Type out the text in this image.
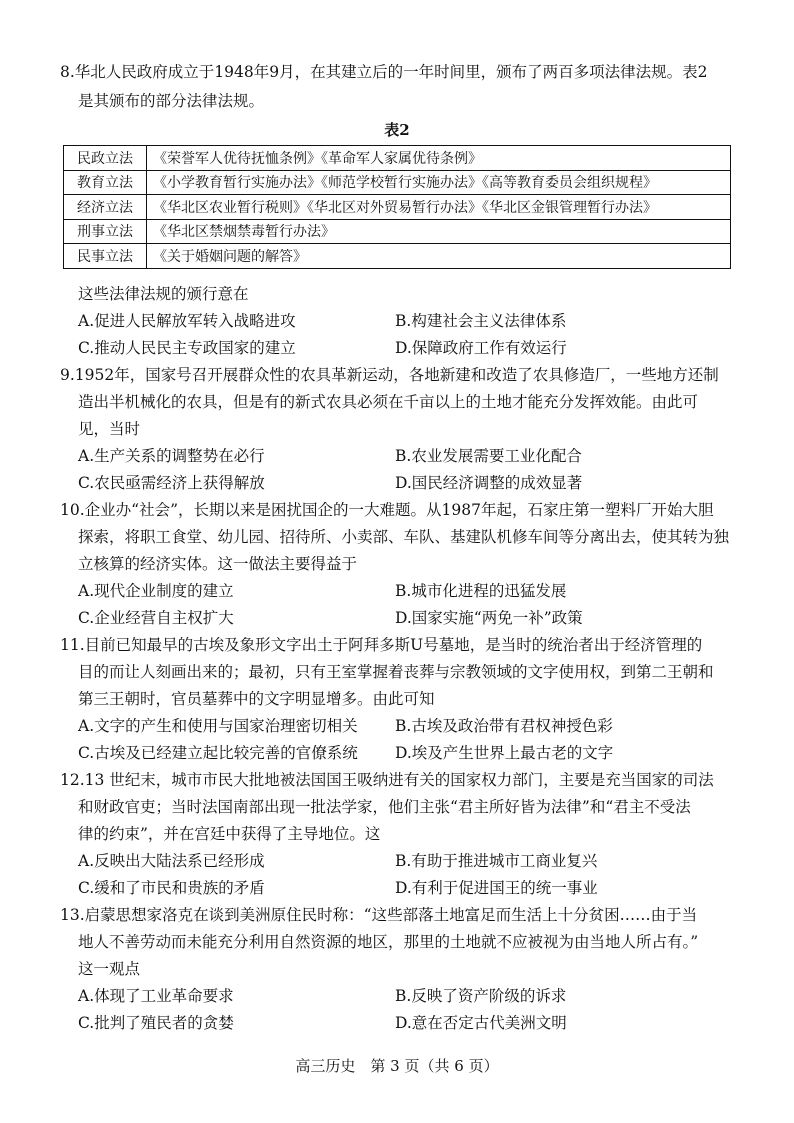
8.华北人民政府成立于1948年9月，在其建立后的一年时间里，颁布了两百多项法律法规。表2
是其颁布的部分法律法规。
表2
民政立法	《荣誉军人优待抚恤条例》《革命军人家属优待条例》
教育立法	《小学教育暂行实施办法》《师范学校暂行实施办法》《高等教育委员会组织规程》
经济立法	《华北区农业暂行税则》《华北区对外贸易暂行办法》《华北区金银管理暂行办法》
刑事立法	《华北区禁烟禁毒暂行办法》
民事立法	《关于婚姻问题的解答》
这些法律法规的颁行意在
A.促进人民解放军转入战略进攻	B.构建社会主义法律体系
C.推动人民民主专政国家的建立	D.保障政府工作有效运行
9.1952年，国家号召开展群众性的农具革新运动，各地新建和改造了农具修造厂，一些地方还制
造出半机械化的农具，但是有的新式农具必须在千亩以上的土地才能充分发挥效能。由此可
见，当时
A.生产关系的调整势在必行	B.农业发展需要工业化配合
C.农民亟需经济上获得解放	D.国民经济调整的成效显著
10.企业办“社会”，长期以来是困扰国企的一大难题。从1987年起，石家庄第一塑料厂开始大胆
探索，将职工食堂、幼儿园、招待所、小卖部、车队、基建队机修车间等分离出去，使其转为独
立核算的经济实体。这一做法主要得益于
A.现代企业制度的建立	B.城市化进程的迅猛发展
C.企业经营自主权扩大	D.国家实施“两免一补”政策
11.目前已知最早的古埃及象形文字出土于阿拜多斯U号墓地，是当时的统治者出于经济管理的
目的而让人刻画出来的；最初，只有王室掌握着丧葬与宗教领域的文字使用权，到第二王朝和
第三王朝时，官员墓葬中的文字明显增多。由此可知
A.文字的产生和使用与国家治理密切相关 B.古埃及政治带有君权神授色彩
C.古埃及已经建立起比较完善的官僚系统 D.埃及产生世界上最古老的文字
12.13 世纪末，城市市民大批地被法国国王吸纳进有关的国家权力部门，主要是充当国家的司法
和财政官吏；当时法国南部出现一批法学家，他们主张“君主所好皆为法律”和“君主不受法
律的约束”，并在宫廷中获得了主导地位。这
A.反映出大陆法系已经形成	B.有助于推进城市工商业复兴
C.缓和了市民和贵族的矛盾	D.有利于促进国王的统一事业
13.启蒙思想家洛克在谈到美洲原住民时称：“这些部落土地富足而生活上十分贫困……由于当
地人不善劳动而未能充分利用自然资源的地区，那里的土地就不应被视为由当地人所占有。”
这一观点
A.体现了工业革命要求	B.反映了资产阶级的诉求
C.批判了殖民者的贪婪	D.意在否定古代美洲文明
高三历史　第 3 页（共 6 页）
